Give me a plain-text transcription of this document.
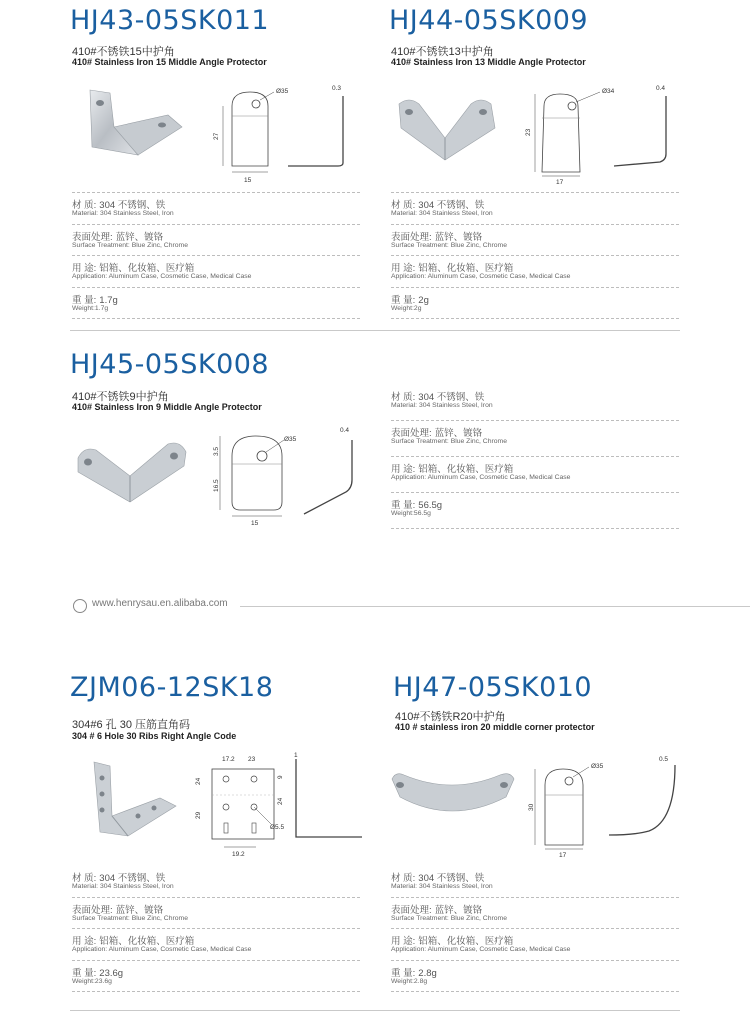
HJ43-05SK011
410#不锈铁15中护角
410# Stainless Iron 15 Middle Angle Protector
Ø35
27
15
0.3
材 质: 304 不锈钢、铁
Material: 304 Stainless Steel, Iron
表面处理: 蓝锌、镀铬
Surface Treatment: Blue Zinc, Chrome
用 途: 铝箱、化妆箱、医疗箱
Application: Aluminum Case, Cosmetic Case, Medical Case
重 量: 1.7g
Weight:1.7g
HJ44-05SK009
410#不锈铁13中护角
410# Stainless Iron 13 Middle Angle Protector
Ø34
23
17
0.4
材 质: 304 不锈钢、铁
Material: 304 Stainless Steel, Iron
表面处理: 蓝锌、镀铬
Surface Treatment: Blue Zinc, Chrome
用 途: 铝箱、化妆箱、医疗箱
Application: Aluminum Case, Cosmetic Case, Medical Case
重 量: 2g
Weight:2g
HJ45-05SK008
410#不锈铁9中护角
410# Stainless Iron 9 Middle Angle Protector
Ø35
3.5
16.5
15
0.4
材 质: 304 不锈钢、铁
Material: 304 Stainless Steel, Iron
表面处理: 蓝锌、镀铬
Surface Treatment: Blue Zinc, Chrome
用 途: 铝箱、化妆箱、医疗箱
Application: Aluminum Case, Cosmetic Case, Medical Case
重 量: 56.5g
Weight:56.5g
www.henrysau.en.alibaba.com
ZJM06-12SK18
304#6 孔 30 压筋直角码
304 # 6 Hole 30 Ribs Right Angle Code
17.2 23
24
29
9
24
Ø5.5
19.2
1
材 质: 304 不锈钢、铁
Material: 304 Stainless Steel, Iron
表面处理: 蓝锌、镀铬
Surface Treatment: Blue Zinc, Chrome
用 途: 铝箱、化妆箱、医疗箱
Application: Aluminum Case, Cosmetic Case, Medical Case
重 量: 23.6g
Weight:23.6g
HJ47-05SK010
410#不锈铁R20中护角
410 # stainless iron 20 middle corner protector
Ø35
30
17
0.5
材 质: 304 不锈钢、铁
Material: 304 Stainless Steel, Iron
表面处理: 蓝锌、镀铬
Surface Treatment: Blue Zinc, Chrome
用 途: 铝箱、化妆箱、医疗箱
Application: Aluminum Case, Cosmetic Case, Medical Case
重 量: 2.8g
Weight:2.8g
